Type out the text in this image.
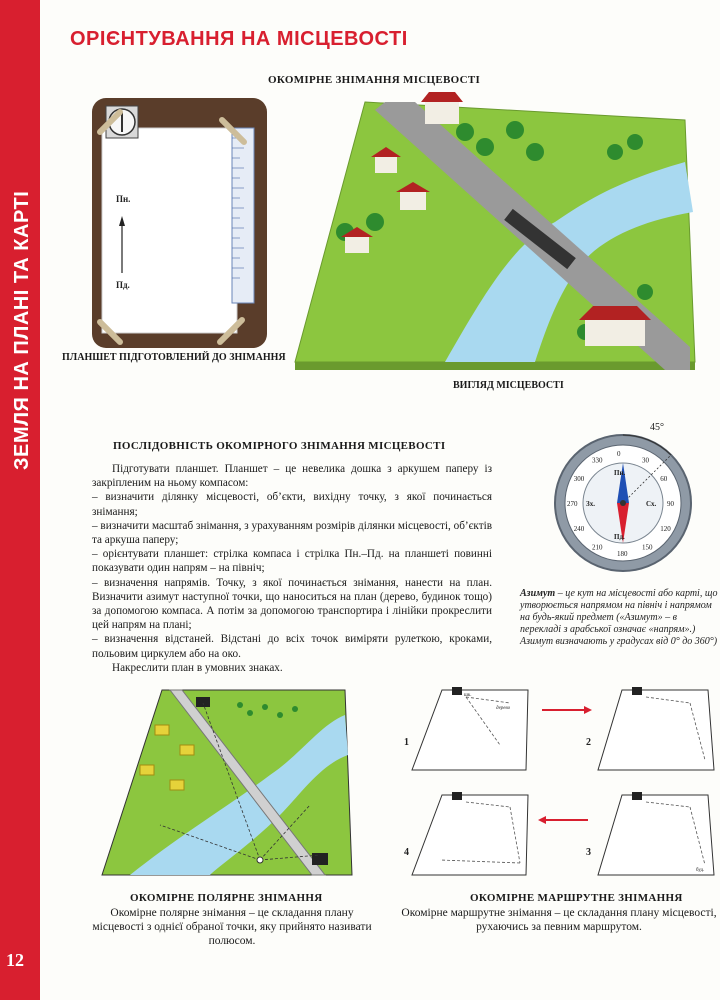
ЗЕМЛЯ НА ПЛАНІ ТА КАРТІ
12
ОРІЄНТУВАННЯ НА МІСЦЕВОСТІ
ОКОМІРНЕ ЗНІМАННЯ МІСЦЕВОСТІ
Пн.
Пд.
ПЛАНШЕТ ПІДГОТОВЛЕНИЙ ДО ЗНІМАННЯ
ВИГЛЯД МІСЦЕВОСТІ
ПОСЛІДОВНІСТЬ ОКОМІРНОГО ЗНІМАННЯ МІСЦЕВОСТІ

Підготувати планшет. Планшет – це невелика дошка з аркушем паперу із закріпленим на ньому компасом:

– визначити ділянку місцевості, об’єкти, вихідну точку, з якої починається знімання;

– визначити масштаб знімання, з урахуванням розмірів ділянки місцевості, об’єктів та аркуша паперу;

– орієнтувати планшет: стрілка компаса і стрілка Пн.–Пд. на планшеті повинні показувати один напрям – на північ;

– визначення напрямів. Точку, з якої починається знімання, нанести на план. Визначити азимут наступної точки, що наноситься на план (дерево, будинок тощо) за допомогою компаса. А потім за допомогою транспортира і лінійки прокреслити цей напрям на плані;

– визначення відстаней. Відстані до всіх точок виміряти рулеткою, кроками, польовим циркулем або на око.

Накреслити план в умовних знаках.

45°
0
30
60
90
120
150
180
210
240
270
300
330
Пн.
Пд.
Сх.
Зх.
Азимут – це кут на місцевості або карті, що утворюється напрямом на північ і напрямом на будь-який предмет («Азимут» – в перекладі з арабської означає «напрям».) Азимут визначають у градусах від 0° до 360°)
ОКОМІРНЕ ПОЛЯРНЕ ЗНІМАННЯ
Окомірне полярне знімання – це складання плану місцевості з однієї обраної точки, яку прийнято називати полюсом.
1	2
3
4
шк.
дерево
буд.
ОКОМІРНЕ МАРШРУТНЕ ЗНІМАННЯ
Окомірне маршрутне знімання – це складання плану місцевості, рухаючись за певним маршрутом.
